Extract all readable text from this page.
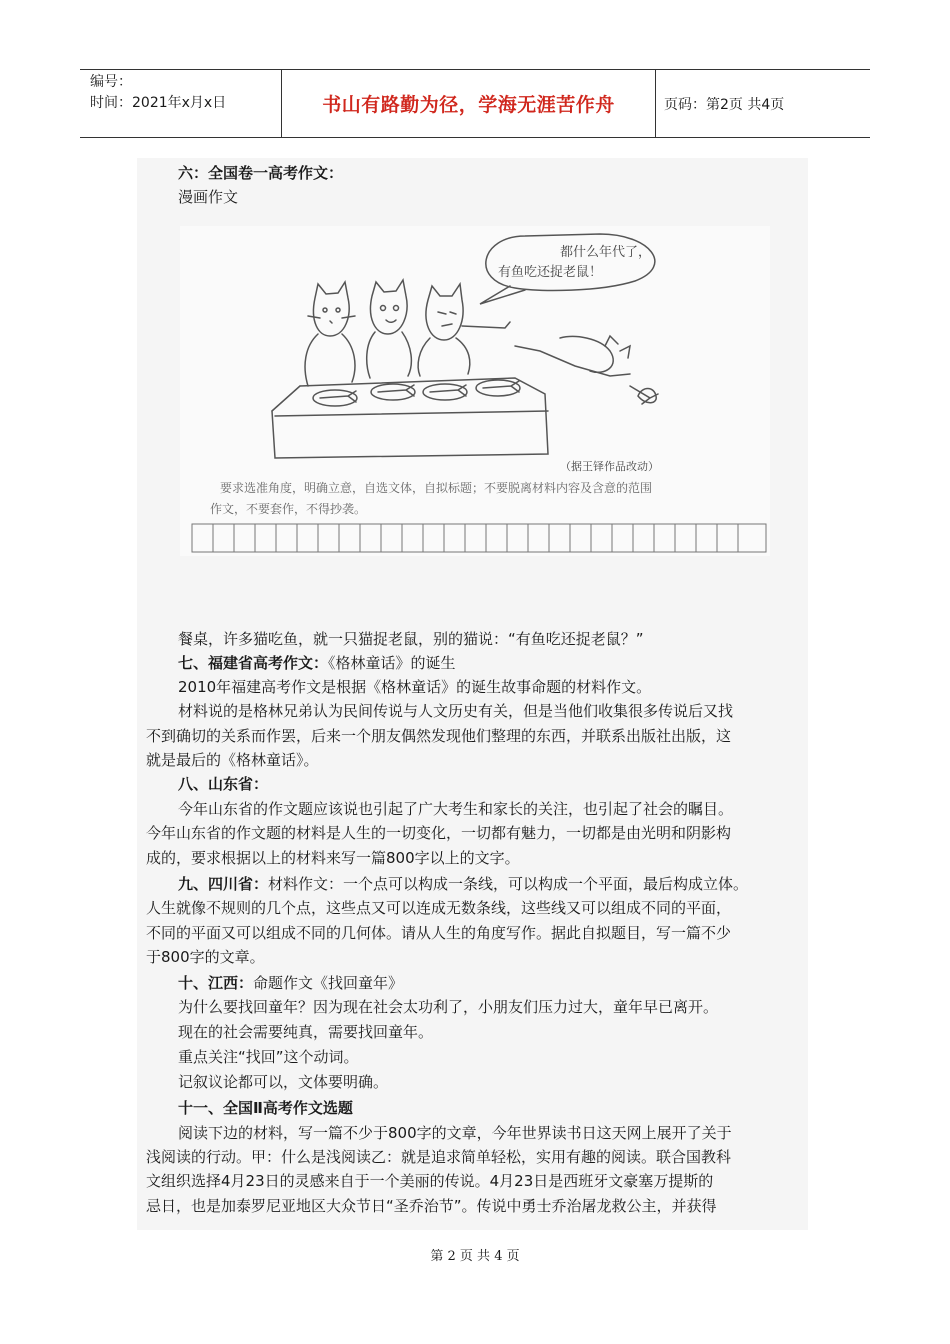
编号：
时间：2021年x月x日	书山有路勤为径，学海无涯苦作舟	页码：第2页 共4页
六：全国卷一高考作文：
漫画作文
都什么年代了，
有鱼吃还捉老鼠！
（据王铎作品改动）
要求选准角度，明确立意，自选文体，自拟标题；不要脱离材料内容及含意的范围
作文，不要套作，不得抄袭。
餐桌，许多猫吃鱼，就一只猫捉老鼠，别的猫说：“有鱼吃还捉老鼠？”
七、福建省高考作文：《格林童话》的诞生
2010年福建高考作文是根据《格林童话》的诞生故事命题的材料作文。
材料说的是格林兄弟认为民间传说与人文历史有关，但是当他们收集很多传说后又找
不到确切的关系而作罢，后来一个朋友偶然发现他们整理的东西，并联系出版社出版，这
就是最后的《格林童话》。
八、山东省：
今年山东省的作文题应该说也引起了广大考生和家长的关注，也引起了社会的瞩目。
今年山东省的作文题的材料是人生的一切变化，一切都有魅力，一切都是由光明和阴影构
成的，要求根据以上的材料来写一篇800字以上的文字。
九、四川省：材料作文：一个点可以构成一条线，可以构成一个平面，最后构成立体。
人生就像不规则的几个点，这些点又可以连成无数条线，这些线又可以组成不同的平面，
不同的平面又可以组成不同的几何体。请从人生的角度写作。据此自拟题目，写一篇不少
于800字的文章。
十、江西：命题作文《找回童年》
为什么要找回童年？因为现在社会太功利了，小朋友们压力过大，童年早已离开。
现在的社会需要纯真，需要找回童年。
重点关注“找回”这个动词。
记叙议论都可以，文体要明确。
十一、全国Ⅱ高考作文选题
阅读下边的材料，写一篇不少于800字的文章，今年世界读书日这天网上展开了关于
浅阅读的行动。甲：什么是浅阅读乙：就是追求简单轻松，实用有趣的阅读。联合国教科
文组织选择4月23日的灵感来自于一个美丽的传说。4月23日是西班牙文豪塞万提斯的
忌日，也是加泰罗尼亚地区大众节日“圣乔治节”。传说中勇士乔治屠龙救公主，并获得
第 2 页 共 4 页
